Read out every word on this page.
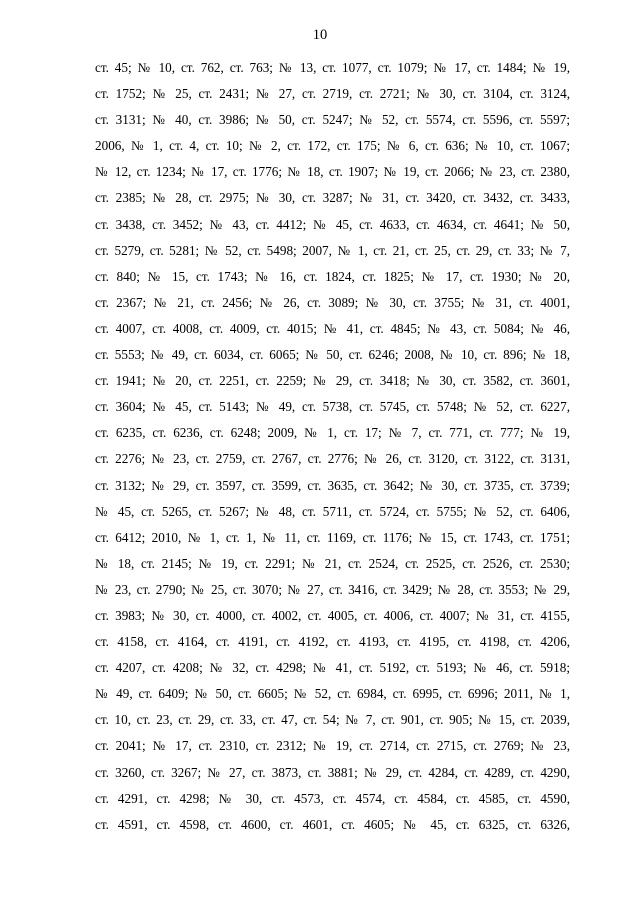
10
ст. 45; № 10, ст. 762, ст. 763; № 13, ст. 1077, ст. 1079; № 17, ст. 1484; № 19,
ст. 1752; № 25, ст. 2431; № 27, ст. 2719, ст. 2721; № 30, ст. 3104, ст. 3124,
ст. 3131; № 40, ст. 3986; № 50, ст. 5247; № 52, ст. 5574, ст. 5596, ст. 5597;
2006, № 1, ст. 4, ст. 10; № 2, ст. 172, ст. 175; № 6, ст. 636; № 10, ст. 1067;
№ 12, ст. 1234; № 17, ст. 1776; № 18, ст. 1907; № 19, ст. 2066; № 23, ст. 2380,
ст. 2385; № 28, ст. 2975; № 30, ст. 3287; № 31, ст. 3420, ст. 3432, ст. 3433,
ст. 3438, ст. 3452; № 43, ст. 4412; № 45, ст. 4633, ст. 4634, ст. 4641; № 50,
ст. 5279, ст. 5281; № 52, ст. 5498; 2007, № 1, ст. 21, ст. 25, ст. 29, ст. 33; № 7,
ст. 840; № 15, ст. 1743; № 16, ст. 1824, ст. 1825; № 17, ст. 1930; № 20,
ст. 2367; № 21, ст. 2456; № 26, ст. 3089; № 30, ст. 3755; № 31, ст. 4001,
ст. 4007, ст. 4008, ст. 4009, ст. 4015; № 41, ст. 4845; № 43, ст. 5084; № 46,
ст. 5553; № 49, ст. 6034, ст. 6065; № 50, ст. 6246; 2008, № 10, ст. 896; № 18,
ст. 1941; № 20, ст. 2251, ст. 2259; № 29, ст. 3418; № 30, ст. 3582, ст. 3601,
ст. 3604; № 45, ст. 5143; № 49, ст. 5738, ст. 5745, ст. 5748; № 52, ст. 6227,
ст. 6235, ст. 6236, ст. 6248; 2009, № 1, ст. 17; № 7, ст. 771, ст. 777; № 19,
ст. 2276; № 23, ст. 2759, ст. 2767, ст. 2776; № 26, ст. 3120, ст. 3122, ст. 3131,
ст. 3132; № 29, ст. 3597, ст. 3599, ст. 3635, ст. 3642; № 30, ст. 3735, ст. 3739;
№ 45, ст. 5265, ст. 5267; № 48, ст. 5711, ст. 5724, ст. 5755; № 52, ст. 6406,
ст. 6412; 2010, № 1, ст. 1, № 11, ст. 1169, ст. 1176; № 15, ст. 1743, ст. 1751;
№ 18, ст. 2145; № 19, ст. 2291; № 21, ст. 2524, ст. 2525, ст. 2526, ст. 2530;
№ 23, ст. 2790; № 25, ст. 3070; № 27, ст. 3416, ст. 3429; № 28, ст. 3553; № 29,
ст. 3983; № 30, ст. 4000, ст. 4002, ст. 4005, ст. 4006, ст. 4007; № 31, ст. 4155,
ст. 4158, ст. 4164, ст. 4191, ст. 4192, ст. 4193, ст. 4195, ст. 4198, ст. 4206,
ст. 4207, ст. 4208; № 32, ст. 4298; № 41, ст. 5192, ст. 5193; № 46, ст. 5918;
№ 49, ст. 6409; № 50, ст. 6605; № 52, ст. 6984, ст. 6995, ст. 6996; 2011, № 1,
ст. 10, ст. 23, ст. 29, ст. 33, ст. 47, ст. 54; № 7, ст. 901, ст. 905; № 15, ст. 2039,
ст. 2041; № 17, ст. 2310, ст. 2312; № 19, ст. 2714, ст. 2715, ст. 2769; № 23,
ст. 3260, ст. 3267; № 27, ст. 3873, ст. 3881; № 29, ст. 4284, ст. 4289, ст. 4290,
ст. 4291, ст. 4298; № 30, ст. 4573, ст. 4574, ст. 4584, ст. 4585, ст. 4590,
ст. 4591, ст. 4598, ст. 4600, ст. 4601, ст. 4605; № 45, ст. 6325, ст. 6326,
